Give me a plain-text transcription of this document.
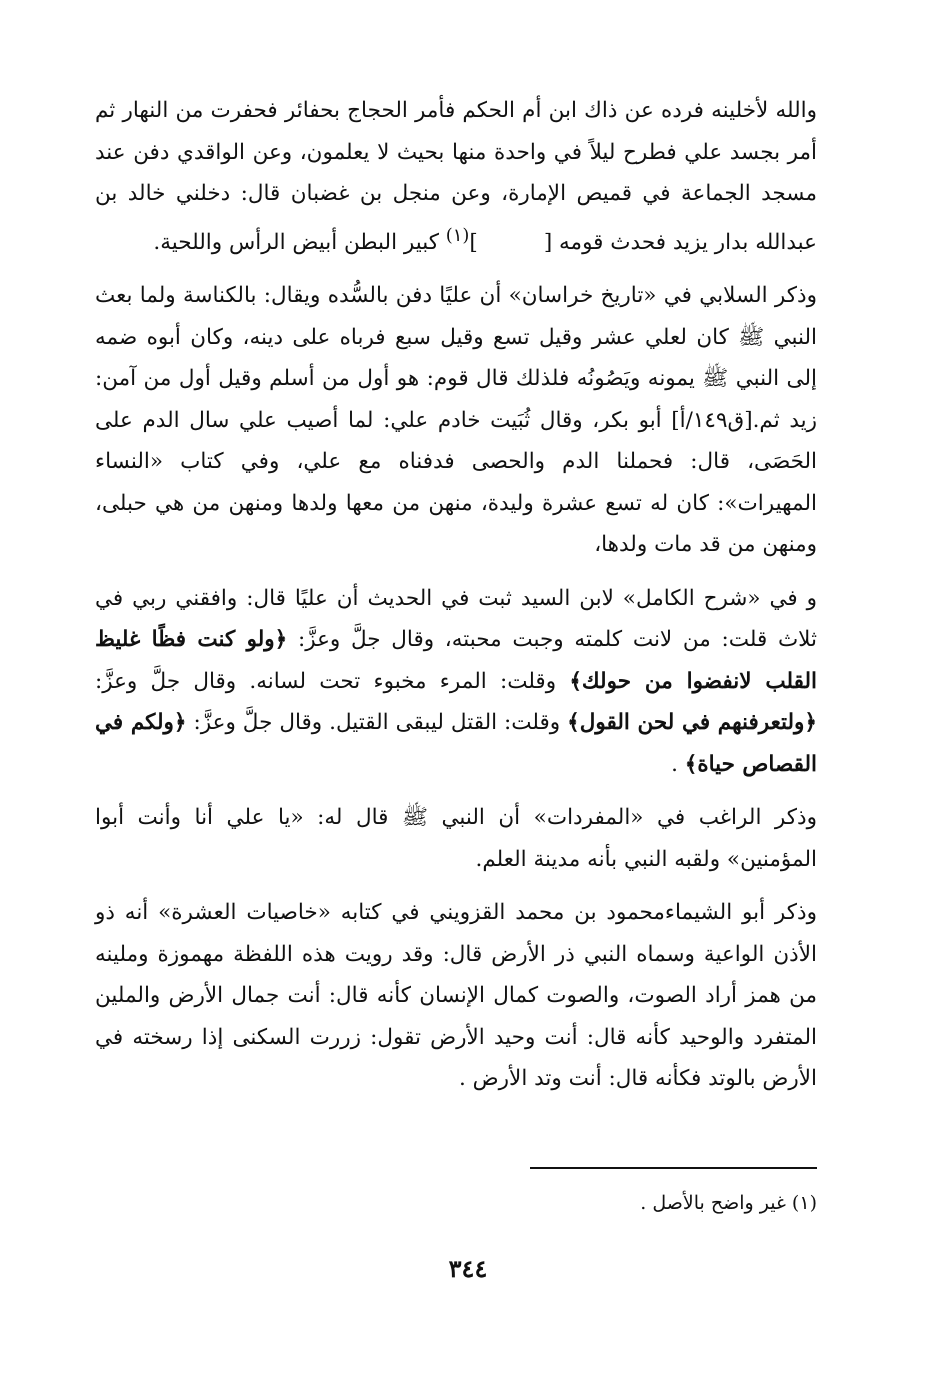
والله لأخلينه فرده عن ذاك ابن أم الحكم فأمر الحجاج بحفائر فحفرت من النهار ثم أمر بجسد علي فطرح ليلاً في واحدة منها بحيث لا يعلمون، وعن الواقدي دفن عند مسجد الجماعة في قميص الإمارة، وعن منجل بن غضبان قال: دخلني خالد بن عبدالله بدار يزيد فحدث قومه []$^{(١)}$ كبير البطن أبيض الرأس واللحية.

وذكر السلابي في «تاريخ خراسان» أن عليًا دفن بالسُّده ويقال: بالكناسة ولما بعث النبي ﷺ كان لعلي عشر وقيل تسع وقيل سبع فرباه على دينه، وكان أبوه ضمه إلى النبي ﷺ يمونه ويَصُونُه فلذلك قال قوم: هو أول من أسلم وقيل أول من آمن: زيد ثم.[ق١٤٩/أ] أبو بكر، وقال ثُبَيت خادم علي: لما أصيب علي سال الدم على الحَصَى، قال: فحملنا الدم والحصى فدفناه مع علي، وفي كتاب «النساء المهيرات»: كان له تسع عشرة وليدة، منهن من معها ولدها ومنهن من هي حبلى، ومنهن من قد مات ولدها،

و في «شرح الكامل» لابن السيد ثبت في الحديث أن عليًا قال: وافقني ربي في ثلاث قلت: من لانت كلمته وجبت محبته، وقال جلَّ وعزَّ: ﴿ولو كنت فظًا غليظ القلب لانفضوا من حولك﴾ وقلت: المرء مخبوء تحت لسانه. وقال جلَّ وعزَّ: ﴿ولتعرفنهم في لحن القول﴾ وقلت: القتل ليبقى القتيل. وقال جلَّ وعزَّ: ﴿ولكم في القصاص حياة﴾ .

وذكر الراغب في «المفردات» أن النبي ﷺ قال له: «يا علي أنا وأنت أبوا المؤمنين» ولقبه النبي بأنه مدينة العلم.

وذكر أبو الشيماءمحمود بن محمد القزويني في كتابه «خاصيات العشرة» أنه ذو الأذن الواعية وسماه النبي ذر الأرض قال: وقد رويت هذه اللفظة مهموزة وملينه من همز أراد الصوت، والصوت كمال الإنسان كأنه قال: أنت جمال الأرض والملين المتفرد والوحيد كأنه قال: أنت وحيد الأرض تقول: زررت السكنى إذا رسخته في الأرض بالوتد فكأنه قال: أنت وتد الأرض .

(١) غير واضح بالأصل .
٣٤٤
